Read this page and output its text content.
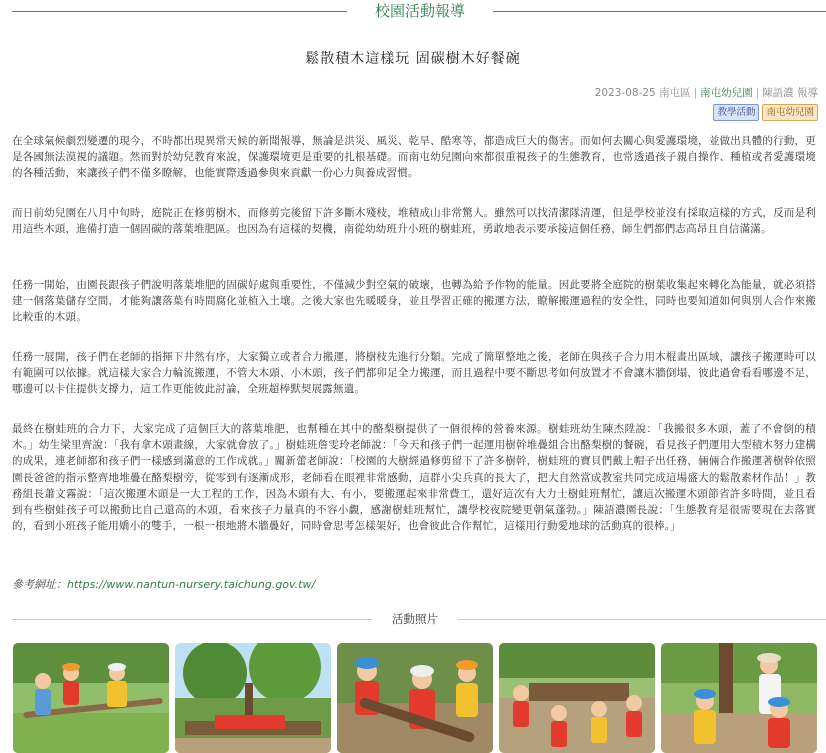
校園活動報導
鬆散積木這樣玩 固碳樹木好餐碗
2023-08-25 南屯區 | 南屯幼兒園 | 陳語濃 報導
教學活動	南屯幼兒園

在全球氣候劇烈變遷的現今，不時都出現異常天候的新聞報導，無論是洪災、風災、乾旱、酷寒等，都造成巨大的傷害。而如何去關心與愛護環境，並做出具體的行動，更是各國無法漠視的議題。然而對於幼兒教育來說，保護環境更是重要的扎根基礎。而南屯幼兒園向來都很重視孩子的生態教育，也常透過孩子親自操作、種植或者愛護環境的各種活動，來讓孩子們不僅多瞭解，也能實際透過參與來貢獻一份心力與養成習慣。

而日前幼兒園在八月中旬時，庭院正在修剪樹木，而修剪完後留下許多斷木殘枝，堆積成山非常驚人。雖然可以找清潔隊清運，但是學校並沒有採取這樣的方式，反而是利用這些木頭，進備打造一個固碳的落葉堆肥區。也因為有這樣的契機，南從幼幼班升小班的樹蛙班，勇敢地表示要承接這個任務，師生們都們志高昂且自信滿滿。

任務一開始，由園長跟孩子們說明落葉堆肥的固碳好處與重要性，不僅減少對空氣的破壞，也轉為給予作物的能量。因此要將全庭院的樹葉收集起來轉化為能量，就必須搭建一個落葉儲存空間，才能夠讓落葉有時間腐化並植入土壤。之後大家也先暖暖身，並且學習正確的搬運方法，瞭解搬運過程的安全性，同時也要知道如何與別人合作來搬比較重的木頭。

任務一展開，孩子們在老師的指揮下井然有序，大家獨立或者合力搬運，將樹枝先進行分類。完成了簡單整地之後，老師在與孩子合力用木棍畫出區域，讓孩子搬運時可以有範圍可以依據。就這樣大家合力輪流搬運，不管大木頭、小木頭，孩子們都卯足全力搬運，而且過程中要不斷思考如何放置才不會讓木牆倒塌，彼此過會看看哪邊不足，哪邊可以卡住提供支撐力，這工作更能彼此討論，全班超棒默契展露無遺。

最終在樹蛙班的合力下，大家完成了這個巨大的落葉堆肥，也幫種在其中的酪梨樹提供了一個很棒的營養來源。樹蛙班幼生陳杰陞說：「我搬很多木頭，蓋了不會倒的積木。」幼生梁里齊說：「我有拿木頭畫線，大家就會放了。」樹蛙班詹雯玲老師說：「今天和孩子們一起運用樹幹堆疊組合出酪梨樹的餐碗，看見孩子們運用大型積木努力建構的成果，連老師都和孩子們一樣感到滿意的工作成就。」關新蕾老師說：「校園的大樹經過修剪留下了許多樹幹，樹蛙班的寶貝們戴上帽子出任務，倆倆合作搬運著樹幹依照園長爸爸的指示整齊地堆疊在酪梨樹旁，從零到有逐漸成形，老師看在眼裡非常感動，這群小尖兵真的長大了，把大自然當成教室共同完成這場盛大的鬆散素材作品！」教務組長蕭文霧說：「這次搬運木頭是一大工程的工作，因為木頭有大、有小，要搬運起來非常費工，還好這次有大力士樹蛙班幫忙，讓這次搬運木頭節省許多時間，並且看到有些樹蛙孩子可以搬動比自己還高的木頭，看來孩子力量真的不容小覷，感謝樹蛙班幫忙，讓學校夜院變更朝氣蓬勃。」陳語濃園長說：「生態教育是很需要現在去落實的，看到小班孩子能用嬌小的雙手，一根一根地將木牆疊好，同時會思考怎樣架好，也會彼此合作幫忙，這樣用行動愛地球的活動真的很棒。」

參考網址：https://www.nantun-nursery.taichung.gov.tw/
活動照片
